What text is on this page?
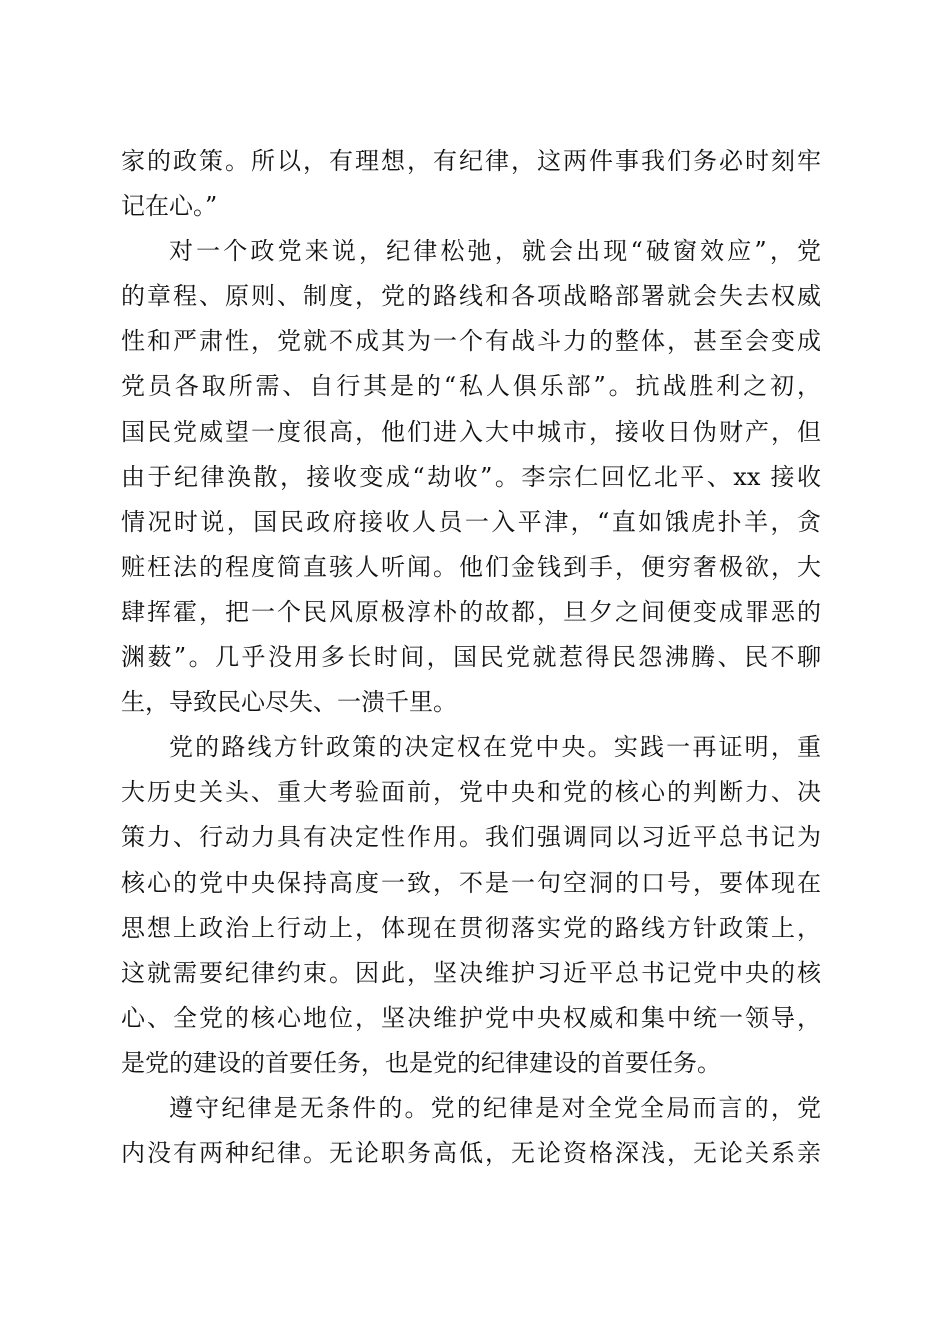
家的政策。所以，有理想，有纪律，这两件事我们务必时刻牢
记在心。”
对一个政党来说，纪律松弛，就会出现“破窗效应”，党
的章程、原则、制度，党的路线和各项战略部署就会失去权威
性和严肃性，党就不成其为一个有战斗力的整体，甚至会变成
党员各取所需、自行其是的“私人俱乐部”。抗战胜利之初，
国民党威望一度很高，他们进入大中城市，接收日伪财产，但
由于纪律涣散，接收变成“劫收”。李宗仁回忆北平、xx 接收
情况时说，国民政府接收人员一入平津，“直如饿虎扑羊，贪
赃枉法的程度简直骇人听闻。他们金钱到手，便穷奢极欲，大
肆挥霍，把一个民风原极淳朴的故都，旦夕之间便变成罪恶的
渊薮”。几乎没用多长时间，国民党就惹得民怨沸腾、民不聊
生，导致民心尽失、一溃千里。
党的路线方针政策的决定权在党中央。实践一再证明，重
大历史关头、重大考验面前，党中央和党的核心的判断力、决
策力、行动力具有决定性作用。我们强调同以习近平总书记为
核心的党中央保持高度一致，不是一句空洞的口号，要体现在
思想上政治上行动上，体现在贯彻落实党的路线方针政策上，
这就需要纪律约束。因此，坚决维护习近平总书记党中央的核
心、全党的核心地位，坚决维护党中央权威和集中统一领导，
是党的建设的首要任务，也是党的纪律建设的首要任务。
遵守纪律是无条件的。党的纪律是对全党全局而言的，党
内没有两种纪律。无论职务高低，无论资格深浅，无论关系亲
